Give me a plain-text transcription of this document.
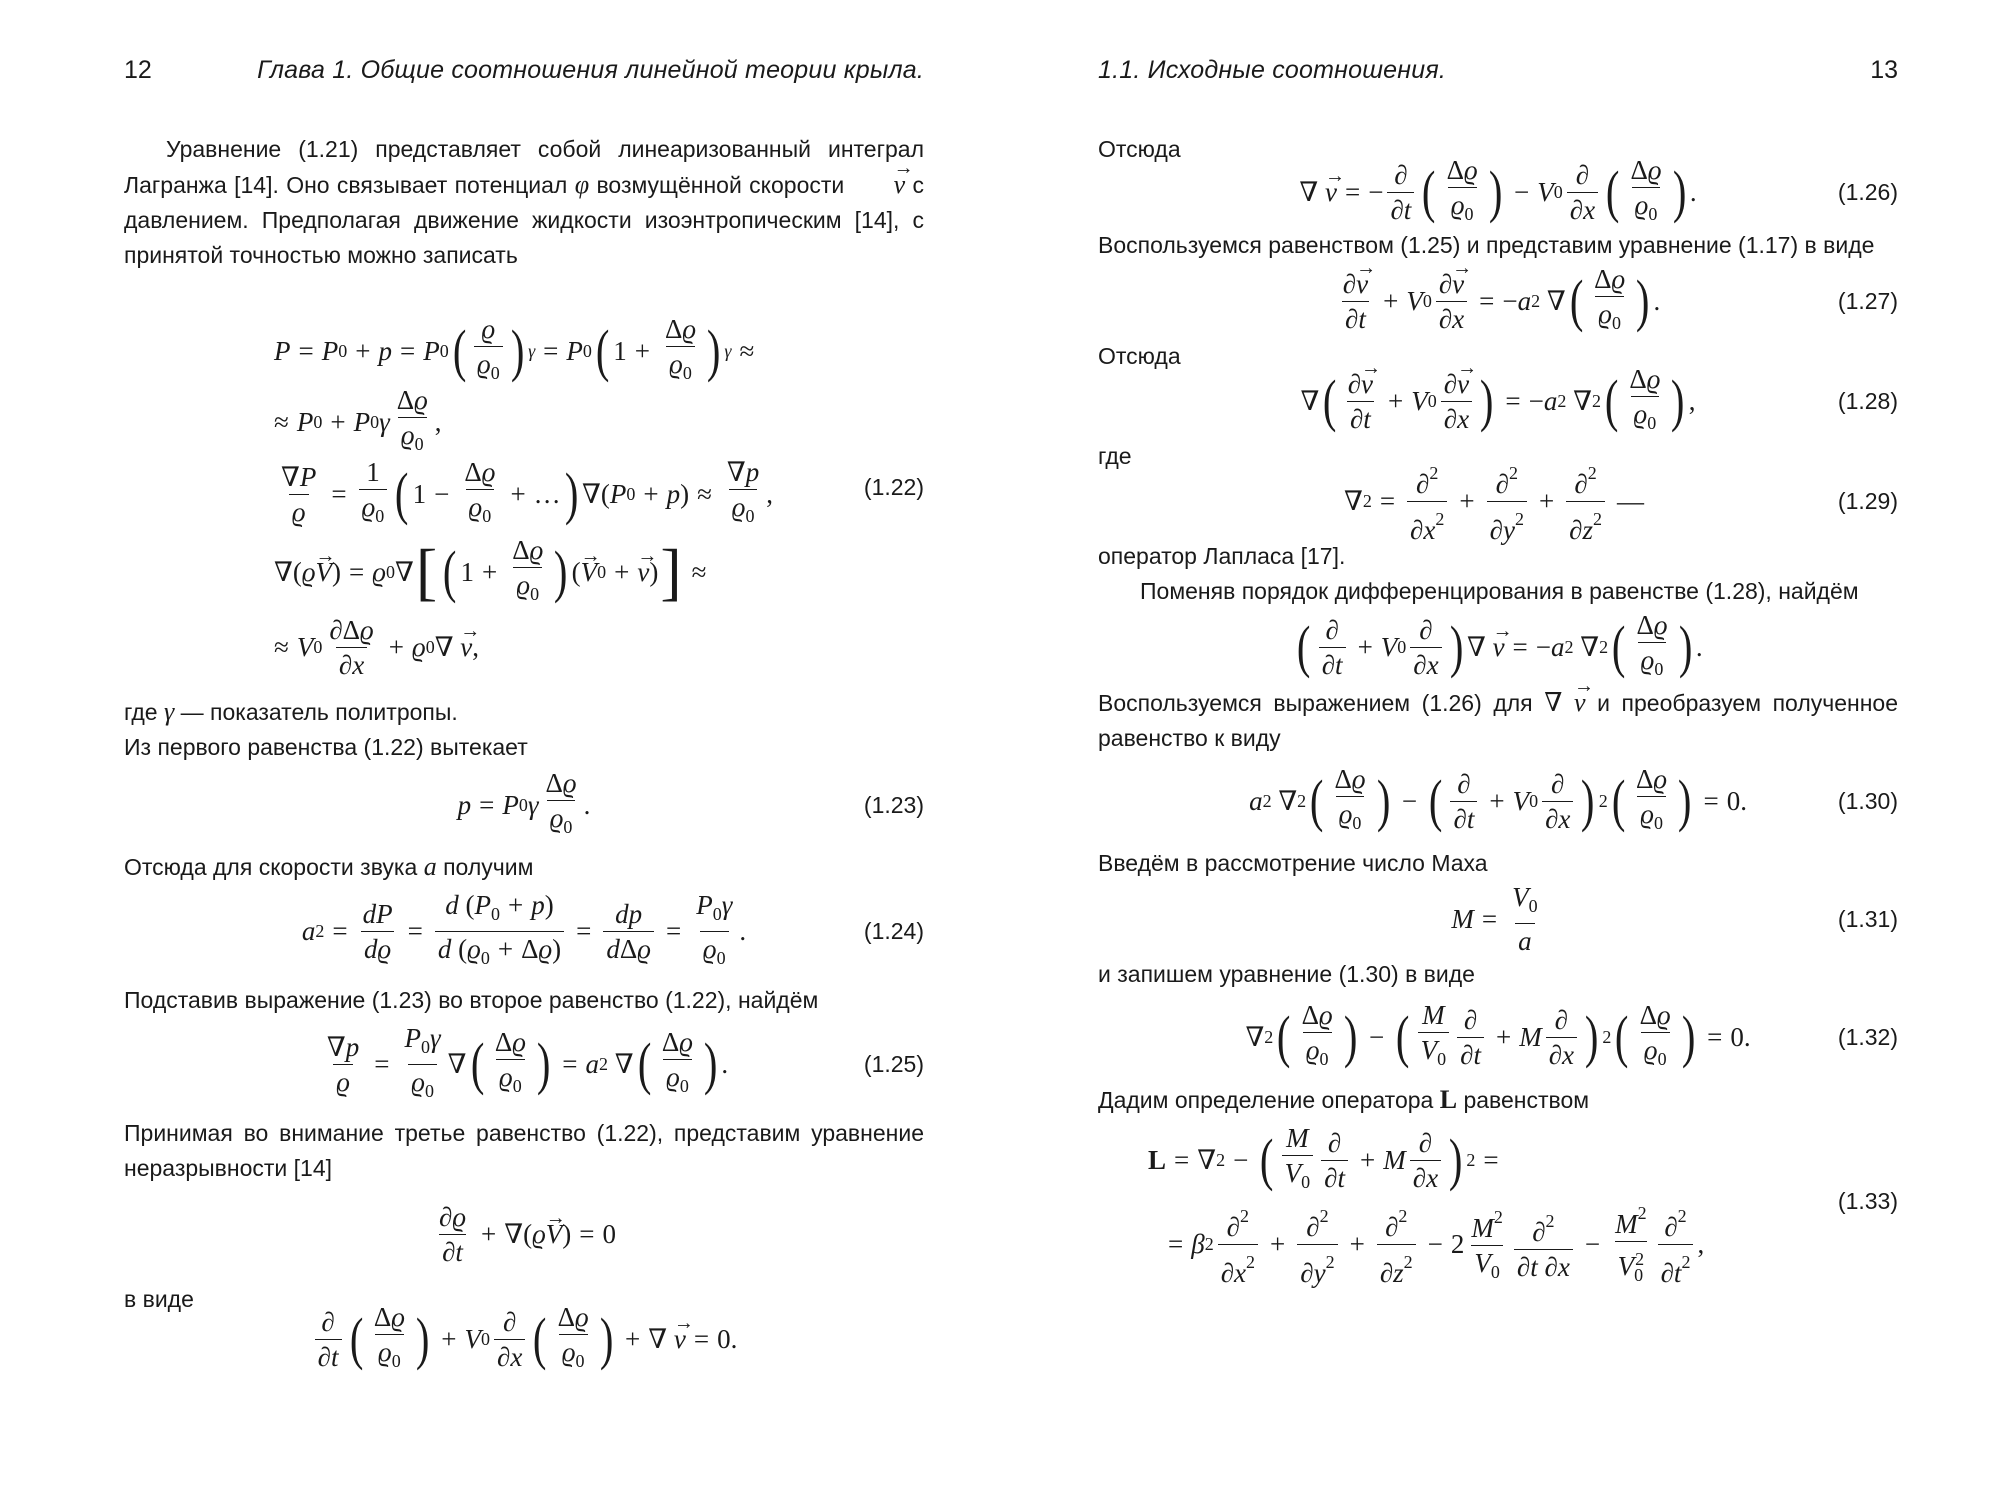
12	Глава 1. Общие соотношения линейной теории крыла.
Уравнение (1.21) представляет собой линеаризованный интеграл Лагранжа [14]. Оно связывает потенциал φ возмущённой скорости → v с давлением. Предполагая движение жидкости изоэнтропическим [14], с принятой точностью можно записать
P = P 0 + p = P 0 ( $\frac{ϱ}{ϱ_0}$ ) γ = P 0 ( $1 + \frac{\Delta ϱ}{ϱ_0}$ ) γ ≈
≈ P 0 + P 0 γ $\frac{\Delta ϱ}{ϱ_0}$ ,
$\frac{\nabla P}{ϱ} = \frac{1}{ϱ_0}$ ( $1 - \frac{\Delta ϱ}{ϱ_0}$ + … ) ∇( P 0 + p ) ≈ $\frac{\nabla p}{ϱ_0}$ ,
∇( ϱ → V ) = ϱ 0 ∇ [ ( $1 + \frac{\Delta ϱ}{ϱ_0}$ ) ( → V 0 + → v ) ] ≈
≈ V $0 \frac{\partial\Delta ϱ}{\partial x} + ϱ$ 0 ∇
→ v ,
(1.22)
где γ — показатель политропы.
Из первого равенства (1.22) вытекает
p = P 0 γ $\frac{\Delta ϱ}{ϱ_0}$ .	(1.23)
Отсюда для скорости звука a получим
a $2 = \frac{dP}{dϱ} = \frac{d (P_0 + p)}{d (ϱ_0 + \Delta ϱ)} = \frac{dp}{\text{dΔϱ}} = \frac{P_0\gamma}{ϱ_0}$ .	(1.24)
Подставив выражение (1.23) во второе равенство (1.22), найдём
$\frac{\nabla p}{ϱ} = \frac{P_0\gamma}{ϱ_0}$ ∇ ( $\frac{\Delta ϱ}{ϱ_0}$ ) = a 2
∇ ( $\frac{\Delta ϱ}{ϱ_0}$ ) .	(1.25)
Принимая во внимание третье равенство (1.22), представим уравнение неразрывности [14]
$\frac{\partial ϱ}{\partial t}$ + ∇( ϱ → V ) = 0
в виде
$\frac{\partial}{\partial t}$ ( $\frac{\Delta ϱ}{ϱ_0}$ ) + V $0 \frac{\partial}{\partial x}$ ( $\frac{\Delta ϱ}{ϱ_0}$ ) + ∇
→ v = 0.
1.1. Исходные соотношения.	13
Отсюда
∇
→ v = − $\frac{\partial}{\partial t}$ ( $\frac{\Delta ϱ}{ϱ_0}$ ) − V $0 \frac{\partial}{\partial x}$ ( $\frac{\Delta ϱ}{ϱ_0}$ ) .	(1.26)
Воспользуемся равенством (1.25) и представим уравнение (1.17) в виде
$\frac{\partial\to v}{\partial t} + V$ $0 \frac{\partial\to v}{\partial x}$ = − a 2
∇ ( $\frac{\Delta ϱ}{ϱ_0}$ ) .	(1.27)
Отсюда
∇ ( $\frac{\partial\to v}{\partial t} + V$ $0 \frac{\partial\to v}{\partial x}$ ) = − a 2
∇ 2 ( $\frac{\Delta ϱ}{ϱ_0}$ ) ,	(1.28)
где
∇ $2 = \frac{\partial^2}{\partial x^2} + \frac{\partial^2}{\partial y^2} + \frac{\partial^2}{\partial z^2}$ —	(1.29)
оператор Лапласа [17].
Поменяв порядок дифференцирования в равенстве (1.28), найдём
( $\frac{\partial}{\partial t} + V$ $0 \frac{\partial}{\partial x}$ ) ∇
→ v = − a 2
∇ 2 ( $\frac{\Delta ϱ}{ϱ_0}$ ) .
Воспользуемся выражением (1.26) для ∇ → v и преобразуем полученное равенство к виду
a 2
∇ 2 ( $\frac{\Delta ϱ}{ϱ_0}$ ) − ( $\frac{\partial}{\partial t} + V$ $0 \frac{\partial}{\partial x}$ ) 2 ( $\frac{\Delta ϱ}{ϱ_0}$ ) = 0.	(1.30)
Введём в рассмотрение число Маха
$M = \frac{V_0}{a}$	(1.31)
и запишем уравнение (1.30) в виде
∇ 2 ( $\frac{\Delta ϱ}{ϱ_0}$ ) − ( $\frac{M}{V_0} \frac{\partial}{\partial t} + M \frac{\partial}{\partial x}$ ) 2 ( $\frac{\Delta ϱ}{ϱ_0}$ ) = 0.	(1.32)
Дадим определение оператора L равенством
L = ∇ 2 − ( $\frac{M}{V_0} \frac{\partial}{\partial t} + M \frac{\partial}{\partial x}$ ) 2 =
= β $2 \frac{\partial^2}{\partial x^2} + \frac{\partial^2}{\partial y^2} + \frac{\partial^2}{\partial z^2} - 2 \frac{M^2}{V_0} \frac{\partial^2}{\partial t \partial x} - \frac{M^2}{V_0^2} \frac{\partial^2}{\partial t^2}$ ,
(1.33)
